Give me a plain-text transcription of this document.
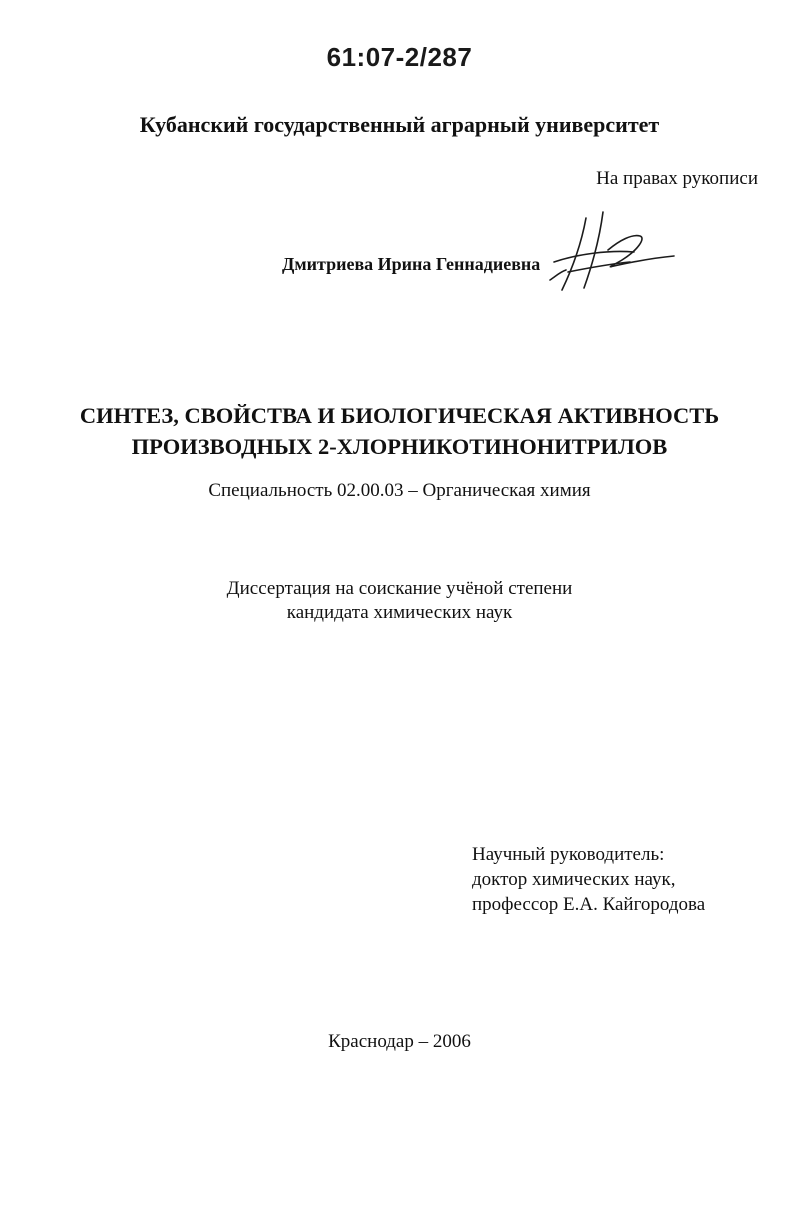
61:07-2/287
Кубанский государственный аграрный университет
На правах рукописи
Дмитриева Ирина Геннадиевна
СИНТЕЗ, СВОЙСТВА И БИОЛОГИЧЕСКАЯ АКТИВНОСТЬ
ПРОИЗВОДНЫХ 2-ХЛОРНИКОТИНОНИТРИЛОВ
Специальность 02.00.03 – Органическая химия
Диссертация на соискание учёной степени
кандидата химических наук
Научный руководитель:
доктор химических наук,
профессор Е.А. Кайгородова
Краснодар – 2006
